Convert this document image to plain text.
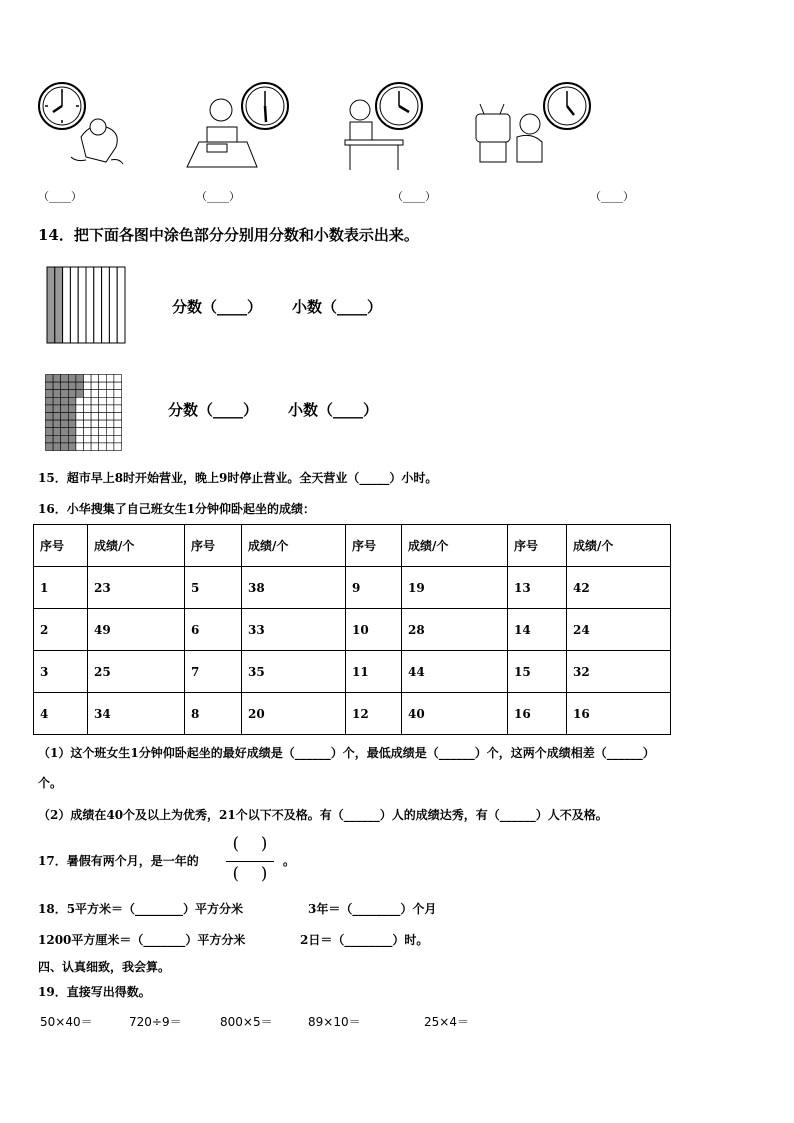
（____）	（____）	（____）	（____）
14．把下面各图中涂色部分分别用分数和小数表示出来。
分数（____） 小数（____）
分数（____） 小数（____）
15．超市早上8时开始营业，晚上9时停止营业。全天营业（_____）小时。
16．小华搜集了自己班女生1分钟仰卧起坐的成绩：
序号	成绩/个	序号	成绩/个	序号	成绩/个	序号	成绩/个
1	23	5	38	9	19	13	42
2	49	6	33	10	28	14	24
3	25	7	35	11	44	15	32
4	34	8	20	12	40	16	16
（1）这个班女生1分钟仰卧起坐的最好成绩是（______）个，最低成绩是（______）个，这两个成绩相差（______）
个。
（2）成绩在40个及以上为优秀，21个以下不及格。有（______）人的成绩达秀，有（______）人不及格。
17．暑假有两个月，是一年的
(    )
(    )
。
18．5平方米＝（________）平方分米	3年＝（________）个月
1200平方厘米＝（_______）平方分米	2日＝（________）时。
四、认真细致，我会算。
19．直接写出得数。
50×40＝	720÷9＝	800×5＝	89×10＝	25×4＝
